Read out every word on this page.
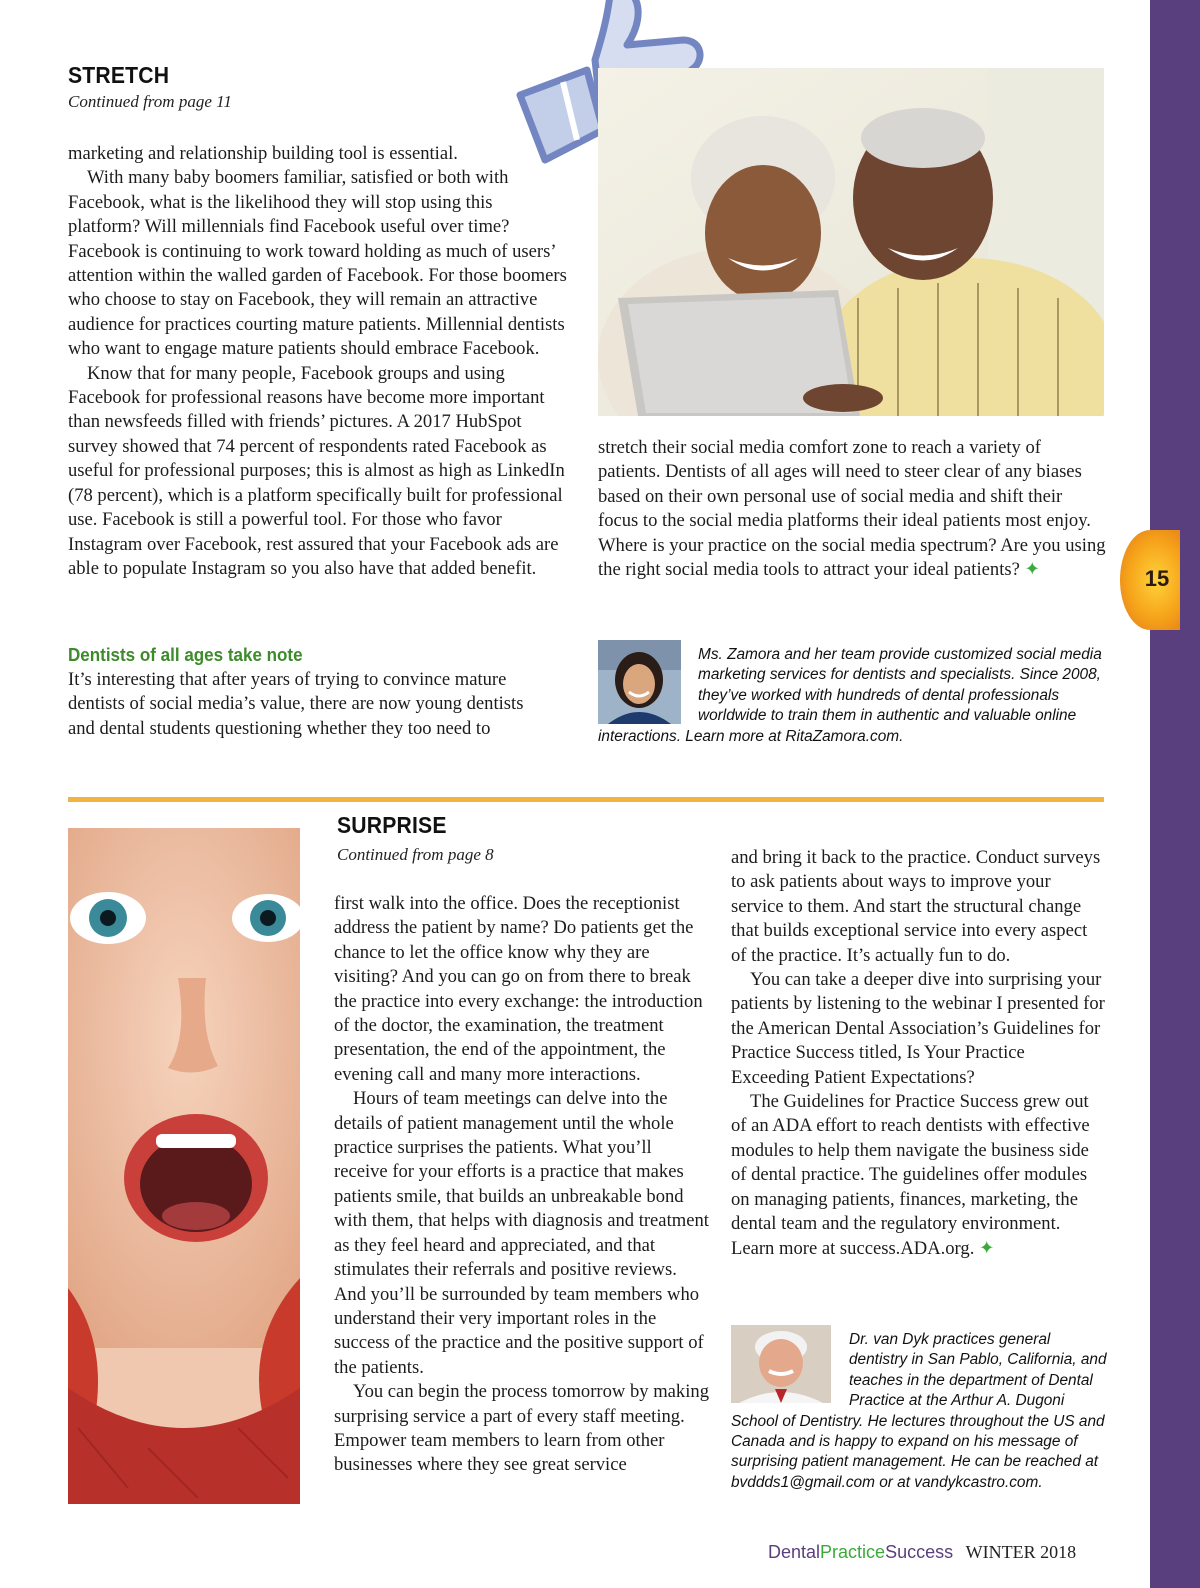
15
STRETCH
Continued from page 11

marketing and relationship building tool is essential.

With many baby boomers familiar, satisfied or both with Facebook, what is the likelihood they will stop using this platform? Will millennials find Facebook useful over time? Facebook is continuing to work toward holding as much of users’ attention within the walled garden of Facebook. For those boomers who choose to stay on Facebook, they will remain an attractive audience for practices courting mature patients. Millennial dentists who want to engage mature patients should embrace Facebook.

Know that for many people, Facebook groups and using Facebook for professional reasons have become more important than newsfeeds filled with friends’ pictures. A 2017 HubSpot survey showed that 74 percent of respondents rated Facebook as useful for professional purposes; this is almost as high as LinkedIn (78 percent), which is a platform specifically built for professional use. Facebook is still a powerful tool. For those who favor Instagram over Facebook, rest assured that your Facebook ads are able to populate Instagram so you also have that added benefit.

Dentists of all ages take note
It’s interesting that after years of trying to convince mature dentists of social media’s value, there are now young dentists and dental students questioning whether they too need to
stretch their social media comfort zone to reach a variety of patients. Dentists of all ages will need to steer clear of any biases based on their own personal use of social media and shift their focus to the social media platforms their ideal patients most enjoy. Where is your practice on the social media spectrum? Are you using the right social media tools to attract your ideal patients? ✦
Ms. Zamora and her team provide customized social media marketing services for dentists and specialists. Since 2008, they’ve worked with hundreds of dental professionals worldwide to train them in authentic and valuable online interactions. Learn more at RitaZamora.com.
SURPRISE
Continued from page 8

first walk into the office. Does the receptionist address the patient by name? Do patients get the chance to let the office know why they are visiting? And you can go on from there to break the practice into every exchange: the introduction of the doctor, the examination, the treatment presentation, the end of the appointment, the evening call and many more interactions.

Hours of team meetings can delve into the details of patient management until the whole practice surprises the patients. What you’ll receive for your efforts is a practice that makes patients smile, that builds an unbreakable bond with them, that helps with diagnosis and treatment as they feel heard and appreciated, and that stimulates their referrals and positive reviews. And you’ll be surrounded by team members who understand their very important roles in the success of the practice and the positive support of the patients.

You can begin the process tomorrow by making surprising service a part of every staff meeting. Empower team members to learn from other businesses where they see great service

and bring it back to the practice. Conduct surveys to ask patients about ways to improve your service to them. And start the structural change that builds exceptional service into every aspect of the practice. It’s actually fun to do.

You can take a deeper dive into surprising your patients by listening to the webinar I presented for the American Dental Association’s Guidelines for Practice Success titled, Is Your Practice Exceeding Patient Expectations?

The Guidelines for Practice Success grew out of an ADA effort to reach dentists with effective modules to help them navigate the business side of dental practice. The guidelines offer modules on managing patients, finances, marketing, the dental team and the regulatory environment. Learn more at success.ADA.org. ✦

Dr. van Dyk practices general dentistry in San Pablo, California, and teaches in the department of Dental Practice at the Arthur A. Dugoni School of Dentistry. He lectures throughout the US and Canada and is happy to expand on his message of surprising patient management. He can be reached at bvddds1@gmail.com or at vandykcastro.com.
DentalPracticeSuccess WINTER 2018
